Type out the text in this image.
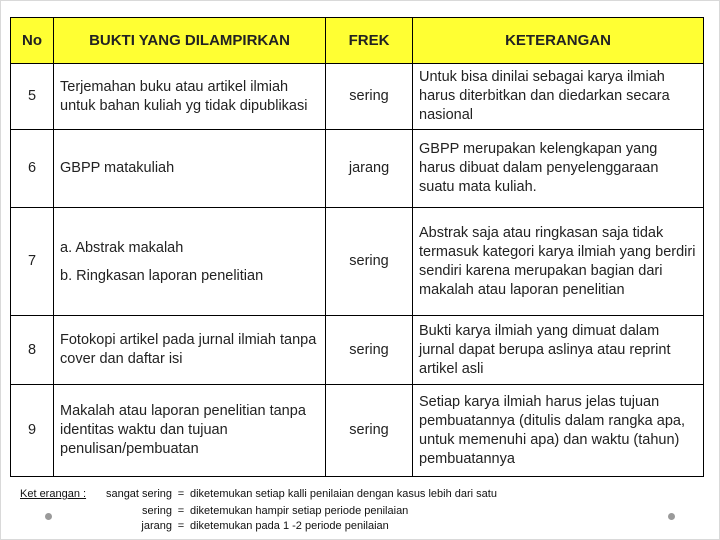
No	BUKTI YANG DILAMPIRKAN	FREK	KETERANGAN
5	Terjemahan buku atau artikel ilmiah untuk bahan kuliah yg tidak dipublikasi	sering	Untuk bisa dinilai sebagai karya ilmiah harus diterbitkan dan diedarkan secara nasional
6	GBPP matakuliah	jarang	GBPP merupakan kelengkapan yang harus dibuat dalam penyelenggaraan suatu mata kuliah.
7	a. Abstrak makalah
b. Ringkasan laporan penelitian	sering	Abstrak saja atau ringkasan saja tidak termasuk kategori karya ilmiah yang berdiri sendiri karena merupakan bagian dari makalah atau laporan penelitian
8	Fotokopi artikel pada jurnal ilmiah tanpa cover dan daftar isi	sering	Bukti karya ilmiah yang dimuat dalam jurnal dapat berupa aslinya atau reprint artikel asli
9	Makalah atau laporan penelitian tanpa identitas waktu dan tujuan penulisan/pembuatan	sering	Setiap karya ilmiah harus jelas tujuan pembuatannya (ditulis dalam rangka apa, untuk memenuhi apa) dan waktu (tahun) pembuatannya
Ket erangan :	sangat sering = diketemukan setiap kalli penilaian dengan kasus lebih dari satu
sering = diketemukan hampir setiap periode penilaian
jarang = diketemukan pada 1 -2 periode penilaian
